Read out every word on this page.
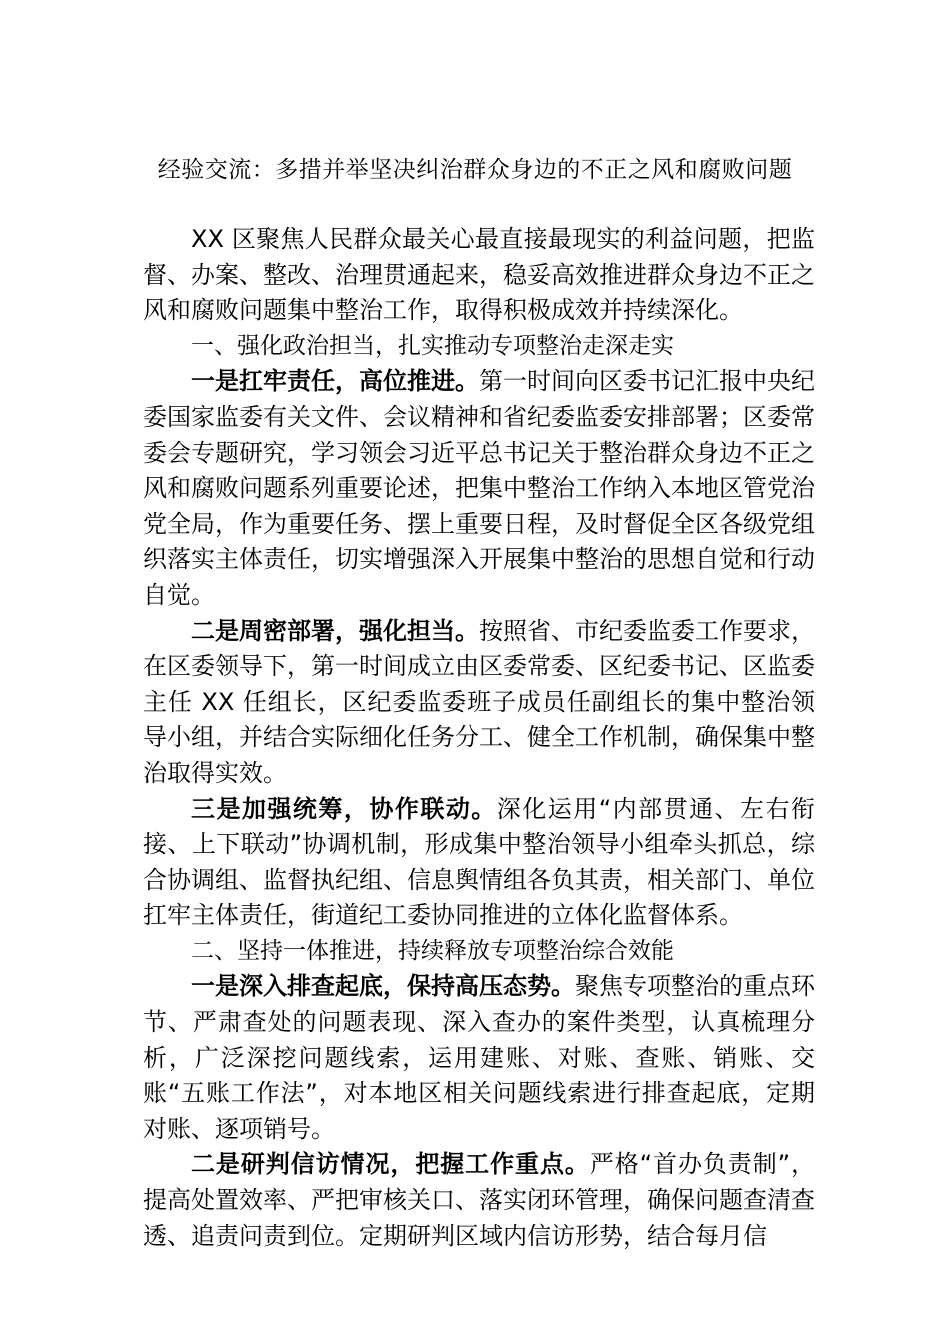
经验交流：多措并举坚决纠治群众身边的不正之风和腐败问题

XX 区聚焦人民群众最关心最直接最现实的利益问题，把监督、办案、整改、治理贯通起来，稳妥高效推进群众身边不正之风和腐败问题集中整治工作，取得积极成效并持续深化。

一、强化政治担当，扎实推动专项整治走深走实

一是扛牢责任，高位推进。第一时间向区委书记汇报中央纪委国家监委有关文件、会议精神和省纪委监委安排部署；区委常委会专题研究，学习领会习近平总书记关于整治群众身边不正之风和腐败问题系列重要论述，把集中整治工作纳入本地区管党治党全局，作为重要任务、摆上重要日程，及时督促全区各级党组织落实主体责任，切实增强深入开展集中整治的思想自觉和行动自觉。

二是周密部署，强化担当。按照省、市纪委监委工作要求，在区委领导下，第一时间成立由区委常委、区纪委书记、区监委主任 XX 任组长，区纪委监委班子成员任副组长的集中整治领导小组，并结合实际细化任务分工、健全工作机制，确保集中整治取得实效。

三是加强统筹，协作联动。深化运用“内部贯通、左右衔接、上下联动”协调机制，形成集中整治领导小组牵头抓总，综合协调组、监督执纪组、信息舆情组各负其责，相关部门、单位扛牢主体责任，街道纪工委协同推进的立体化监督体系。

二、坚持一体推进，持续释放专项整治综合效能

一是深入排查起底，保持高压态势。聚焦专项整治的重点环节、严肃查处的问题表现、深入查办的案件类型，认真梳理分析，广泛深挖问题线索，运用建账、对账、查账、销账、交账“五账工作法”，对本地区相关问题线索进行排查起底，定期对账、逐项销号。

二是研判信访情况，把握工作重点。严格“首办负责制”，提高处置效率、严把审核关口、落实闭环管理，确保问题查清查透、追责问责到位。定期研判区域内信访形势，结合每月信
